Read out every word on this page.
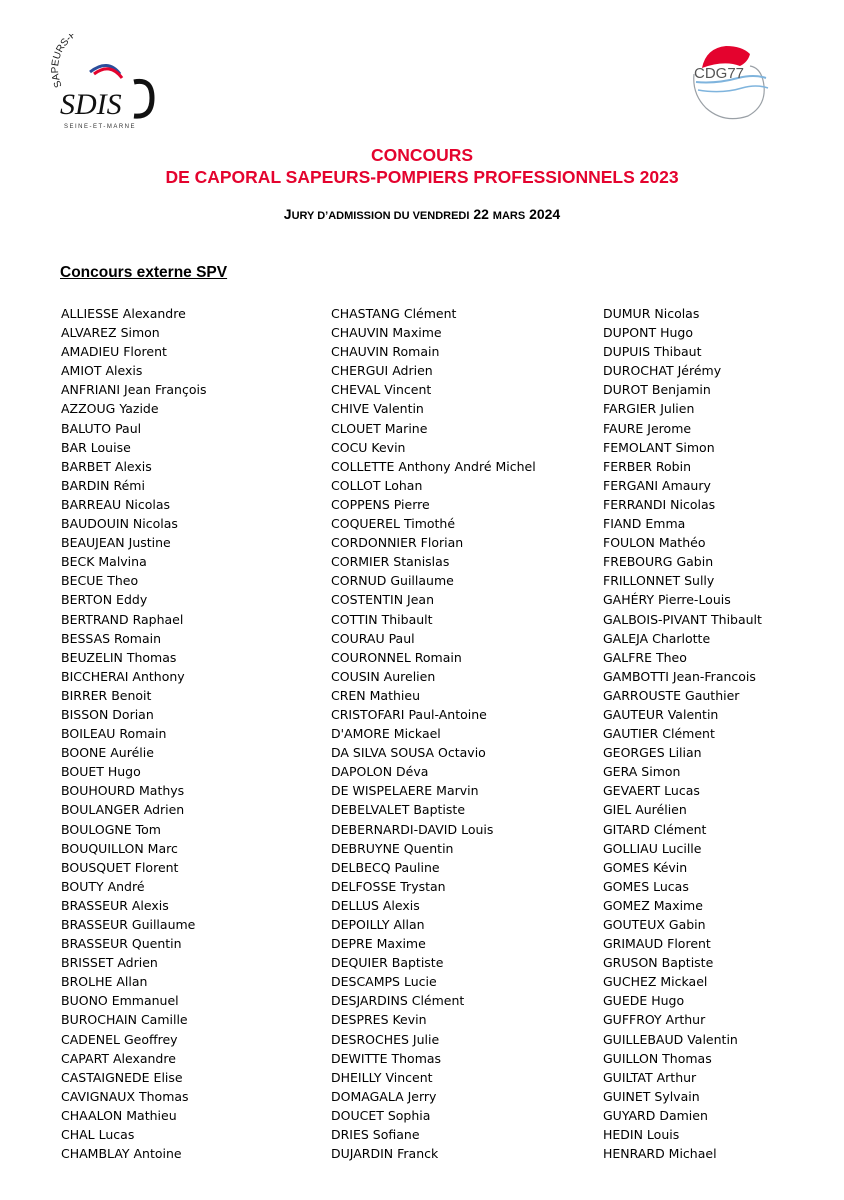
SAPEURS-P
SDIS
SEINE-ET-MARNE
CDG77
CONCOURS
DE CAPORAL SAPEURS-POMPIERS PROFESSIONNELS 2023
JURY D’ADMISSION DU VENDREDI 22 MARS 2024
Concours externe SPV
ALLIESSE Alexandre
ALVAREZ Simon
AMADIEU Florent
AMIOT Alexis
ANFRIANI Jean François
AZZOUG Yazide
BALUTO Paul
BAR Louise
BARBET Alexis
BARDIN Rémi
BARREAU Nicolas
BAUDOUIN Nicolas
BEAUJEAN Justine
BECK Malvina
BECUE Theo
BERTON Eddy
BERTRAND Raphael
BESSAS Romain
BEUZELIN Thomas
BICCHERAI Anthony
BIRRER Benoit
BISSON Dorian
BOILEAU Romain
BOONE Aurélie
BOUET Hugo
BOUHOURD Mathys
BOULANGER Adrien
BOULOGNE Tom
BOUQUILLON Marc
BOUSQUET Florent
BOUTY André
BRASSEUR Alexis
BRASSEUR Guillaume
BRASSEUR Quentin
BRISSET Adrien
BROLHE Allan
BUONO Emmanuel
BUROCHAIN Camille
CADENEL Geoffrey
CAPART Alexandre
CASTAIGNEDE Elise
CAVIGNAUX Thomas
CHAALON Mathieu
CHAL Lucas
CHAMBLAY Antoine
CHASTANG Clément
CHAUVIN Maxime
CHAUVIN Romain
CHERGUI Adrien
CHEVAL Vincent
CHIVE Valentin
CLOUET Marine
COCU Kevin
COLLETTE Anthony André Michel
COLLOT Lohan
COPPENS Pierre
COQUEREL Timothé
CORDONNIER Florian
CORMIER Stanislas
CORNUD Guillaume
COSTENTIN Jean
COTTIN Thibault
COURAU Paul
COURONNEL Romain
COUSIN Aurelien
CREN Mathieu
CRISTOFARI Paul-Antoine
D'AMORE Mickael
DA SILVA SOUSA Octavio
DAPOLON Déva
DE WISPELAERE Marvin
DEBELVALET Baptiste
DEBERNARDI-DAVID Louis
DEBRUYNE Quentin
DELBECQ Pauline
DELFOSSE Trystan
DELLUS Alexis
DEPOILLY Allan
DEPRE Maxime
DEQUIER Baptiste
DESCAMPS Lucie
DESJARDINS Clément
DESPRES Kevin
DESROCHES Julie
DEWITTE Thomas
DHEILLY Vincent
DOMAGALA Jerry
DOUCET Sophia
DRIES Sofiane
DUJARDIN Franck
DUMUR Nicolas
DUPONT Hugo
DUPUIS Thibaut
DUROCHAT Jérémy
DUROT Benjamin
FARGIER Julien
FAURE Jerome
FEMOLANT Simon
FERBER Robin
FERGANI Amaury
FERRANDI Nicolas
FIAND Emma
FOULON Mathéo
FREBOURG Gabin
FRILLONNET Sully
GAHÉRY Pierre-Louis
GALBOIS-PIVANT Thibault
GALEJA Charlotte
GALFRE Theo
GAMBOTTI Jean-Francois
GARROUSTE Gauthier
GAUTEUR Valentin
GAUTIER Clément
GEORGES Lilian
GERA Simon
GEVAERT Lucas
GIEL Aurélien
GITARD Clément
GOLLIAU Lucille
GOMES Kévin
GOMES Lucas
GOMEZ Maxime
GOUTEUX Gabin
GRIMAUD Florent
GRUSON Baptiste
GUCHEZ Mickael
GUEDE Hugo
GUFFROY Arthur
GUILLEBAUD Valentin
GUILLON Thomas
GUILTAT Arthur
GUINET Sylvain
GUYARD Damien
HEDIN Louis
HENRARD Michael
